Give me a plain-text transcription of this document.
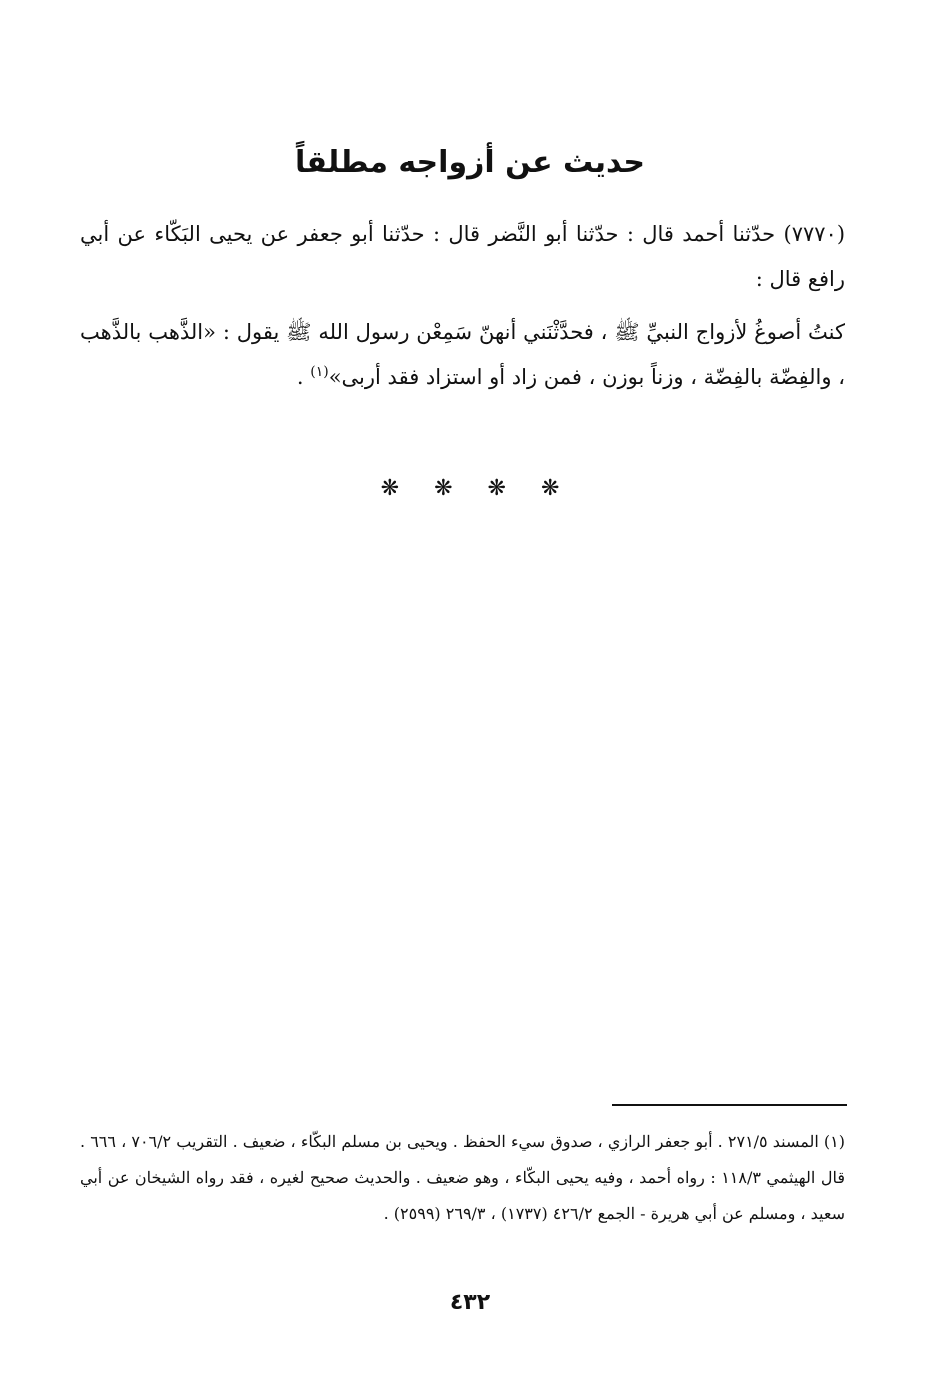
حديث عن أزواجه مطلقاً

(٧٧٧٠) حدّثنا أحمد قال : حدّثنا أبو النَّضر قال : حدّثنا أبو جعفر عن يحيى البَكّاء عن أبي رافع قال :

كنتُ أصوغُ لأزواج النبيِّ ﷺ ، فحدَّثْنَني أنهنّ سَمِعْن رسول الله ﷺ يقول : «الذَّهب بالذَّهب ، والفِضّة بالفِضّة ، وزناً بوزن ، فمن زاد أو استزاد فقد أربى»$^{(١)}$ .

❋ ❋ ❋ ❋

(١) المسند ٢٧١/٥ . أبو جعفر الرازي ، صدوق سيء الحفظ . ويحيى بن مسلم البكّاء ، ضعيف . التقريب ٧٠٦/٢ ، ٦٦٦ . قال الهيثمي ١١٨/٣ : رواه أحمد ، وفيه يحيى البكّاء ، وهو ضعيف . والحديث صحيح لغيره ، فقد رواه الشيخان عن أبي سعيد ، ومسلم عن أبي هريرة - الجمع ٤٢٦/٢ (١٧٣٧) ، ٢٦٩/٣ (٢٥٩٩) .

٤٣٢
